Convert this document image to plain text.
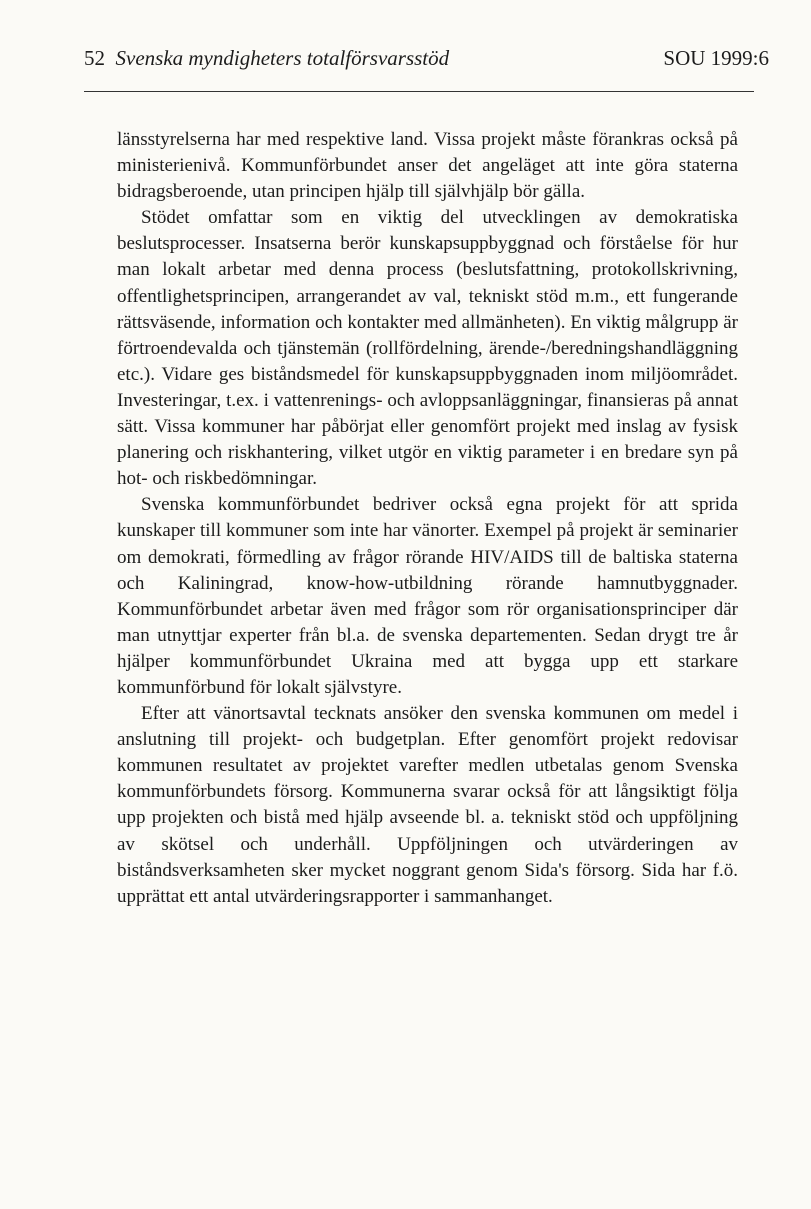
52 Svenska myndigheters totalförsvarsstöd	SOU 1999:6

länsstyrelserna har med respektive land. Vissa projekt måste förankras också på ministerienivå. Kommunförbundet anser det angeläget att inte göra staterna bidragsberoende, utan principen hjälp till självhjälp bör gälla.

Stödet omfattar som en viktig del utvecklingen av demokratiska beslutsprocesser. Insatserna berör kunskapsuppbyggnad och förståelse för hur man lokalt arbetar med denna process (beslutsfattning, protokollskrivning, offentlighetsprincipen, arrangerandet av val, tekniskt stöd m.m., ett fungerande rättsväsende, information och kontakter med allmänheten). En viktig målgrupp är förtroendevalda och tjänstemän (rollfördelning, ärende-/beredningshandläggning etc.). Vidare ges biståndsmedel för kunskapsuppbyggnaden inom miljöområdet. Investeringar, t.ex. i vattenrenings- och avloppsanläggningar, finansieras på annat sätt. Vissa kommuner har påbörjat eller genomfört projekt med inslag av fysisk planering och riskhantering, vilket utgör en viktig parameter i en bredare syn på hot- och riskbedömningar.

Svenska kommunförbundet bedriver också egna projekt för att sprida kunskaper till kommuner som inte har vänorter. Exempel på projekt är seminarier om demokrati, förmedling av frågor rörande HIV/AIDS till de baltiska staterna och Kaliningrad, know-how-utbildning rörande hamnutbyggnader. Kommunförbundet arbetar även med frågor som rör organisationsprinciper där man utnyttjar experter från bl.a. de svenska departementen. Sedan drygt tre år hjälper kommunförbundet Ukraina med att bygga upp ett starkare kommunförbund för lokalt självstyre.

Efter att vänortsavtal tecknats ansöker den svenska kommunen om medel i anslutning till projekt- och budgetplan. Efter genomfört projekt redovisar kommunen resultatet av projektet varefter medlen utbetalas genom Svenska kommunförbundets försorg. Kommunerna svarar också för att långsiktigt följa upp projekten och bistå med hjälp avseende bl. a. tekniskt stöd och uppföljning av skötsel och underhåll. Uppföljningen och utvärderingen av biståndsverksamheten sker mycket noggrant genom Sida's försorg. Sida har f.ö. upprättat ett antal utvärderingsrapporter i sammanhanget.
